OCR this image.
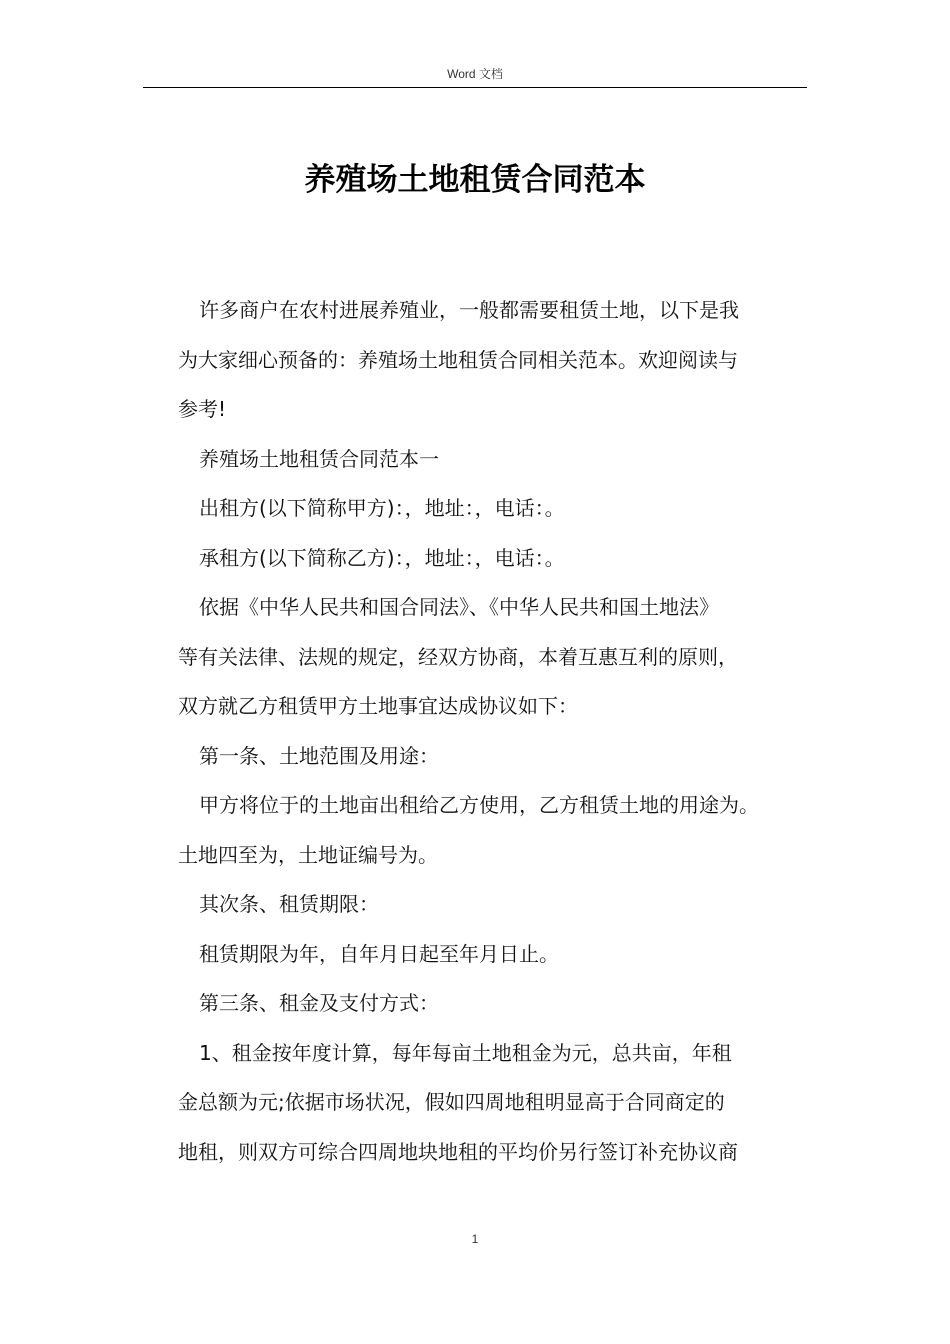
Word 文档
养殖场土地租赁合同范本

许多商户在农村进展养殖业，一般都需要租赁土地，以下是我
为大家细心预备的：养殖场土地租赁合同相关范本。欢迎阅读与
参考!

养殖场土地租赁合同范本一

出租方(以下简称甲方)：，地址：，电话：。

承租方(以下简称乙方)：，地址：，电话：。

依据《中华人民共和国合同法》、《中华人民共和国土地法》
等有关法律、法规的规定，经双方协商，本着互惠互利的原则，
双方就乙方租赁甲方土地事宜达成协议如下：

第一条、土地范围及用途：

甲方将位于的土地亩出租给乙方使用，乙方租赁土地的用途为。
土地四至为，土地证编号为。

其次条、租赁期限：

租赁期限为年，自年月日起至年月日止。

第三条、租金及支付方式：

1、租金按年度计算，每年每亩土地租金为元，总共亩，年租
金总额为元;依据市场状况，假如四周地租明显高于合同商定的
地租，则双方可综合四周地块地租的平均价另行签订补充协议商

1
